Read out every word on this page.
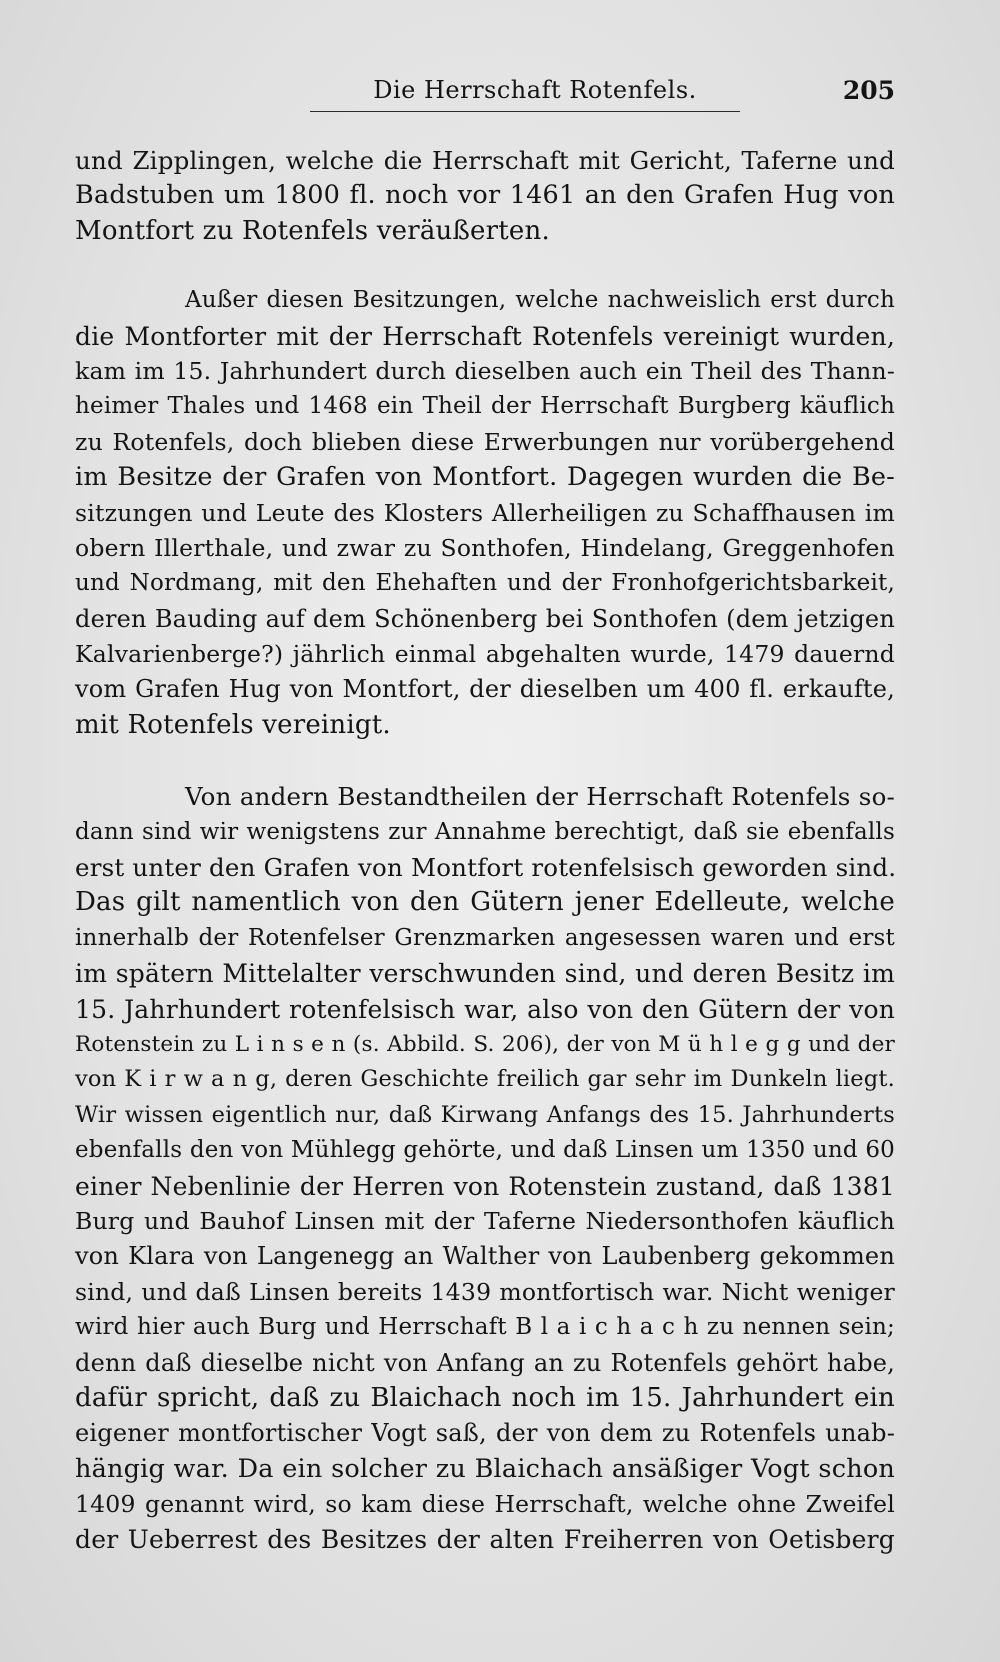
Die Herrschaft Rotenfels.	205
und Zipplingen, welche die Herrschaft mit Gericht, Taferne und
Badstuben um 1800 fl. noch vor 1461 an den Grafen Hug von
Montfort zu Rotenfels veräußerten.
Außer diesen Besitzungen, welche nachweislich erst durch
die Montforter mit der Herrschaft Rotenfels vereinigt wurden,
kam im 15. Jahrhundert durch dieselben auch ein Theil des Thann-
heimer Thales und 1468 ein Theil der Herrschaft Burgberg käuflich
zu Rotenfels, doch blieben diese Erwerbungen nur vorübergehend
im Besitze der Grafen von Montfort. Dagegen wurden die Be-
sitzungen und Leute des Klosters Allerheiligen zu Schaffhausen im
obern Illerthale, und zwar zu Sonthofen, Hindelang, Greggenhofen
und Nordmang, mit den Ehehaften und der Fronhofgerichtsbarkeit,
deren Bauding auf dem Schönenberg bei Sonthofen (dem jetzigen
Kalvarienberge?) jährlich einmal abgehalten wurde, 1479 dauernd
vom Grafen Hug von Montfort, der dieselben um 400 fl. erkaufte,
mit Rotenfels vereinigt.
Von andern Bestandtheilen der Herrschaft Rotenfels so-
dann sind wir wenigstens zur Annahme berechtigt, daß sie ebenfalls
erst unter den Grafen von Montfort rotenfelsisch geworden sind.
Das gilt namentlich von den Gütern jener Edelleute, welche
innerhalb der Rotenfelser Grenzmarken angesessen waren und erst
im spätern Mittelalter verschwunden sind, und deren Besitz im
15. Jahrhundert rotenfelsisch war, also von den Gütern der von
Rotenstein zu L i n s e n (s. Abbild. S. 206), der von M ü h l e g g und der
von K i r w a n g, deren Geschichte freilich gar sehr im Dunkeln liegt.
Wir wissen eigentlich nur, daß Kirwang Anfangs des 15. Jahrhunderts
ebenfalls den von Mühlegg gehörte, und daß Linsen um 1350 und 60
einer Nebenlinie der Herren von Rotenstein zustand, daß 1381
Burg und Bauhof Linsen mit der Taferne Niedersonthofen käuflich
von Klara von Langenegg an Walther von Laubenberg gekommen
sind, und daß Linsen bereits 1439 montfortisch war. Nicht weniger
wird hier auch Burg und Herrschaft B l a i c h a c h zu nennen sein;
denn daß dieselbe nicht von Anfang an zu Rotenfels gehört habe,
dafür spricht, daß zu Blaichach noch im 15. Jahrhundert ein
eigener montfortischer Vogt saß, der von dem zu Rotenfels unab-
hängig war. Da ein solcher zu Blaichach ansäßiger Vogt schon
1409 genannt wird, so kam diese Herrschaft, welche ohne Zweifel
der Ueberrest des Besitzes der alten Freiherren von Oetisberg
